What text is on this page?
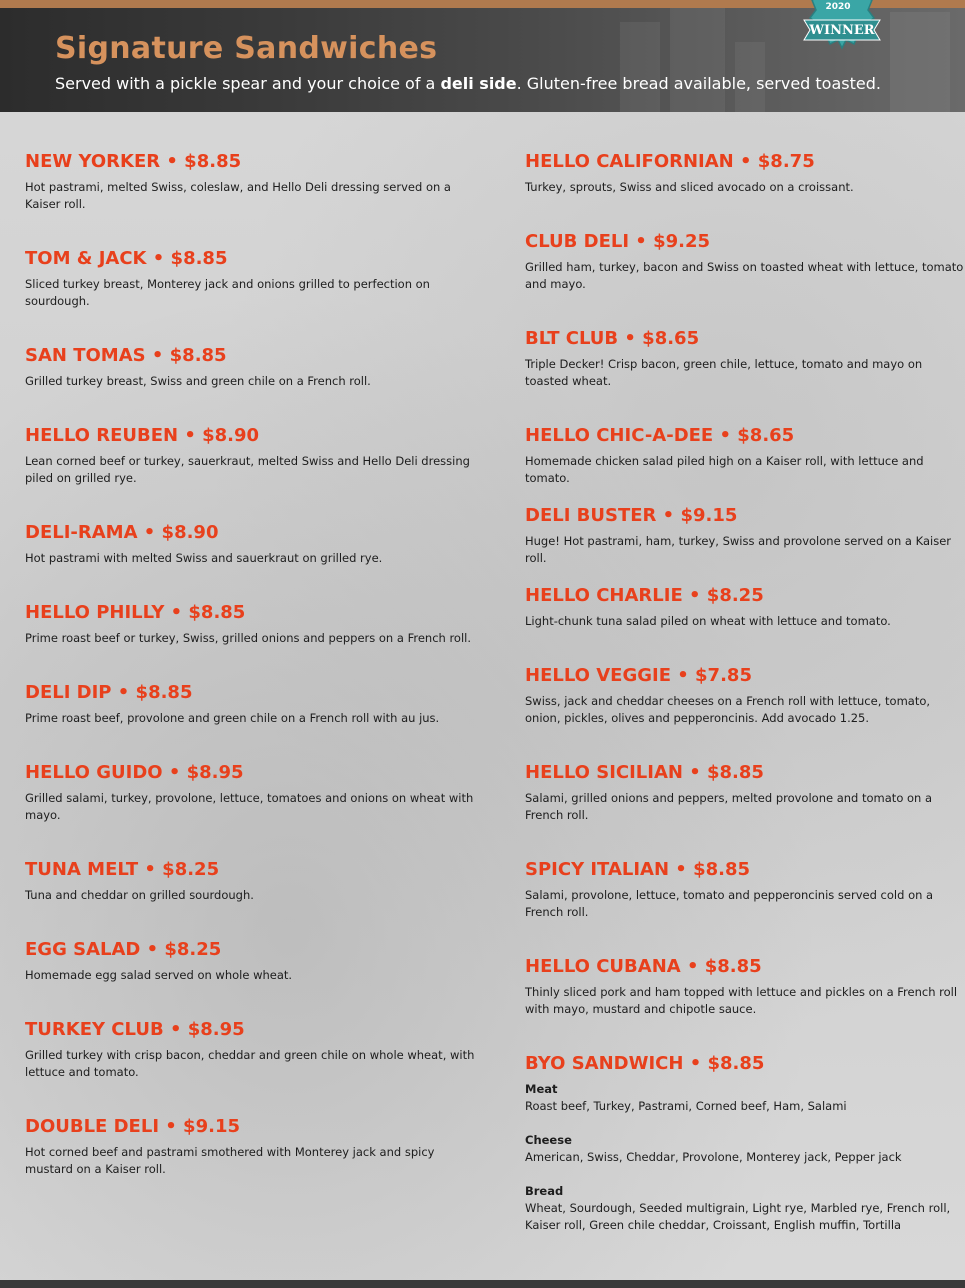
Signature Sandwiches

Served with a pickle spear and your choice of a deli side. Gluten-free bread available, served toasted.

2020
WINNER

NEW YORKER • $8.85

Hot pastrami, melted Swiss, coleslaw, and Hello Deli dressing served on a Kaiser roll.

TOM & JACK • $8.85

Sliced turkey breast, Monterey jack and onions grilled to perfection on sourdough.

SAN TOMAS • $8.85

Grilled turkey breast, Swiss and green chile on a French roll.

HELLO REUBEN • $8.90

Lean corned beef or turkey, sauerkraut, melted Swiss and Hello Deli dressing piled on grilled rye.

DELI-RAMA • $8.90

Hot pastrami with melted Swiss and sauerkraut on grilled rye.

HELLO PHILLY • $8.85

Prime roast beef or turkey, Swiss, grilled onions and peppers on a French roll.

DELI DIP • $8.85

Prime roast beef, provolone and green chile on a French roll with au jus.

HELLO GUIDO • $8.95

Grilled salami, turkey, provolone, lettuce, tomatoes and onions on wheat with mayo.

TUNA MELT • $8.25

Tuna and cheddar on grilled sourdough.

EGG SALAD • $8.25

Homemade egg salad served on whole wheat.

TURKEY CLUB • $8.95

Grilled turkey with crisp bacon, cheddar and green chile on whole wheat, with lettuce and tomato.

DOUBLE DELI • $9.15

Hot corned beef and pastrami smothered with Monterey jack and spicy mustard on a Kaiser roll.

HELLO CALIFORNIAN • $8.75

Turkey, sprouts, Swiss and sliced avocado on a croissant.

CLUB DELI • $9.25

Grilled ham, turkey, bacon and Swiss on toasted wheat with lettuce, tomato and mayo.

BLT CLUB • $8.65

Triple Decker! Crisp bacon, green chile, lettuce, tomato and mayo on toasted wheat.

HELLO CHIC-A-DEE • $8.65

Homemade chicken salad piled high on a Kaiser roll, with lettuce and tomato.

DELI BUSTER • $9.15

Huge! Hot pastrami, ham, turkey, Swiss and provolone served on a Kaiser roll.

HELLO CHARLIE • $8.25

Light-chunk tuna salad piled on wheat with lettuce and tomato.

HELLO VEGGIE • $7.85

Swiss, jack and cheddar cheeses on a French roll with lettuce, tomato, onion, pickles, olives and pepperoncinis. Add avocado 1.25.

HELLO SICILIAN • $8.85

Salami, grilled onions and peppers, melted provolone and tomato on a French roll.

SPICY ITALIAN • $8.85

Salami, provolone, lettuce, tomato and pepperoncinis served cold on a French roll.

HELLO CUBANA • $8.85

Thinly sliced pork and ham topped with lettuce and pickles on a French roll with mayo, mustard and chipotle sauce.

BYO SANDWICH • $8.85

Meat
Roast beef, Turkey, Pastrami, Corned beef, Ham, Salami
Cheese
American, Swiss, Cheddar, Provolone, Monterey jack, Pepper jack
Bread
Wheat, Sourdough, Seeded multigrain, Light rye, Marbled rye, French roll, Kaiser roll, Green chile cheddar, Croissant, English muffin, Tortilla
